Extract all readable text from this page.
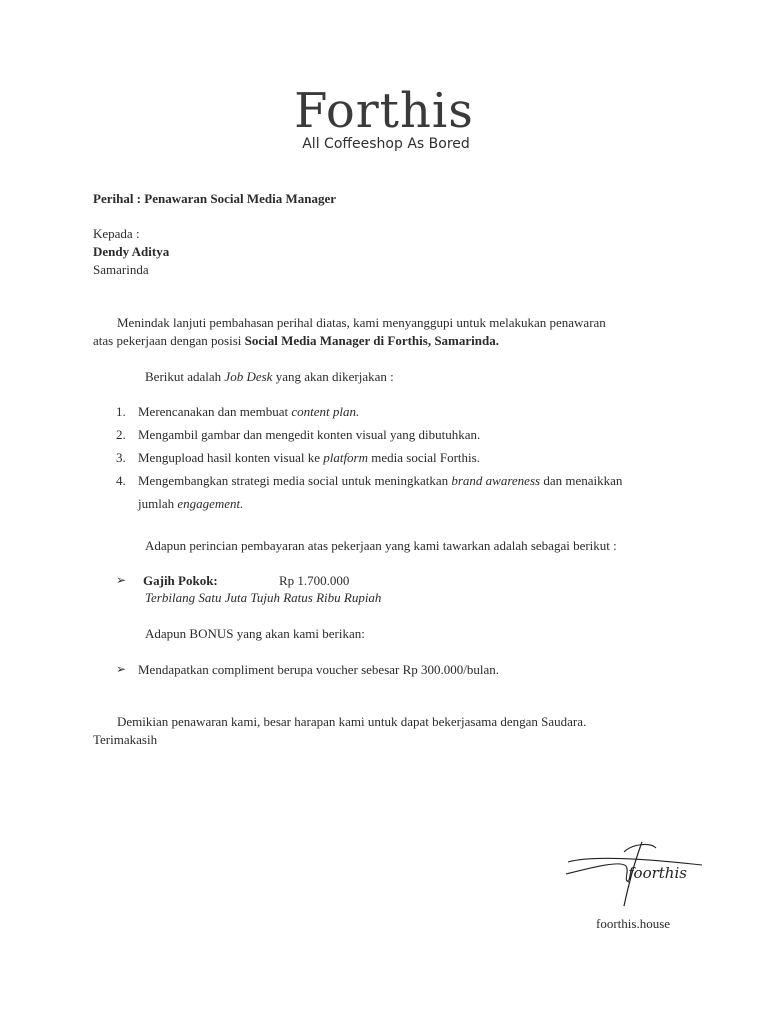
Forthis
All Coffeeshop As Bored
Perihal : Penawaran Social Media Manager
Kepada :
Dendy Aditya
Samarinda
Menindak lanjuti pembahasan perihal diatas, kami menyanggupi untuk melakukan penawaran
atas pekerjaan dengan posisi Social Media Manager di Forthis, Samarinda.
Berikut adalah Job Desk yang akan dikerjakan :
1. Merencanakan dan membuat content plan.
2. Mengambil gambar dan mengedit konten visual yang dibutuhkan.
3. Mengupload hasil konten visual ke platform media social Forthis.
4. Mengembangkan strategi media social untuk meningkatkan brand awareness dan menaikkan
jumlah engagement.
Adapun perincian pembayaran atas pekerjaan yang kami tawarkan adalah sebagai berikut :
➢ Gajih Pokok:	Rp 1.700.000
Terbilang Satu Juta Tujuh Ratus Ribu Rupiah
Adapun BONUS yang akan kami berikan:
➢ Mendapatkan compliment berupa voucher sebesar Rp 300.000/bulan.
Demikian penawaran kami, besar harapan kami untuk dapat bekerjasama dengan Saudara.
Terimakasih
foorthis
foorthis.house
